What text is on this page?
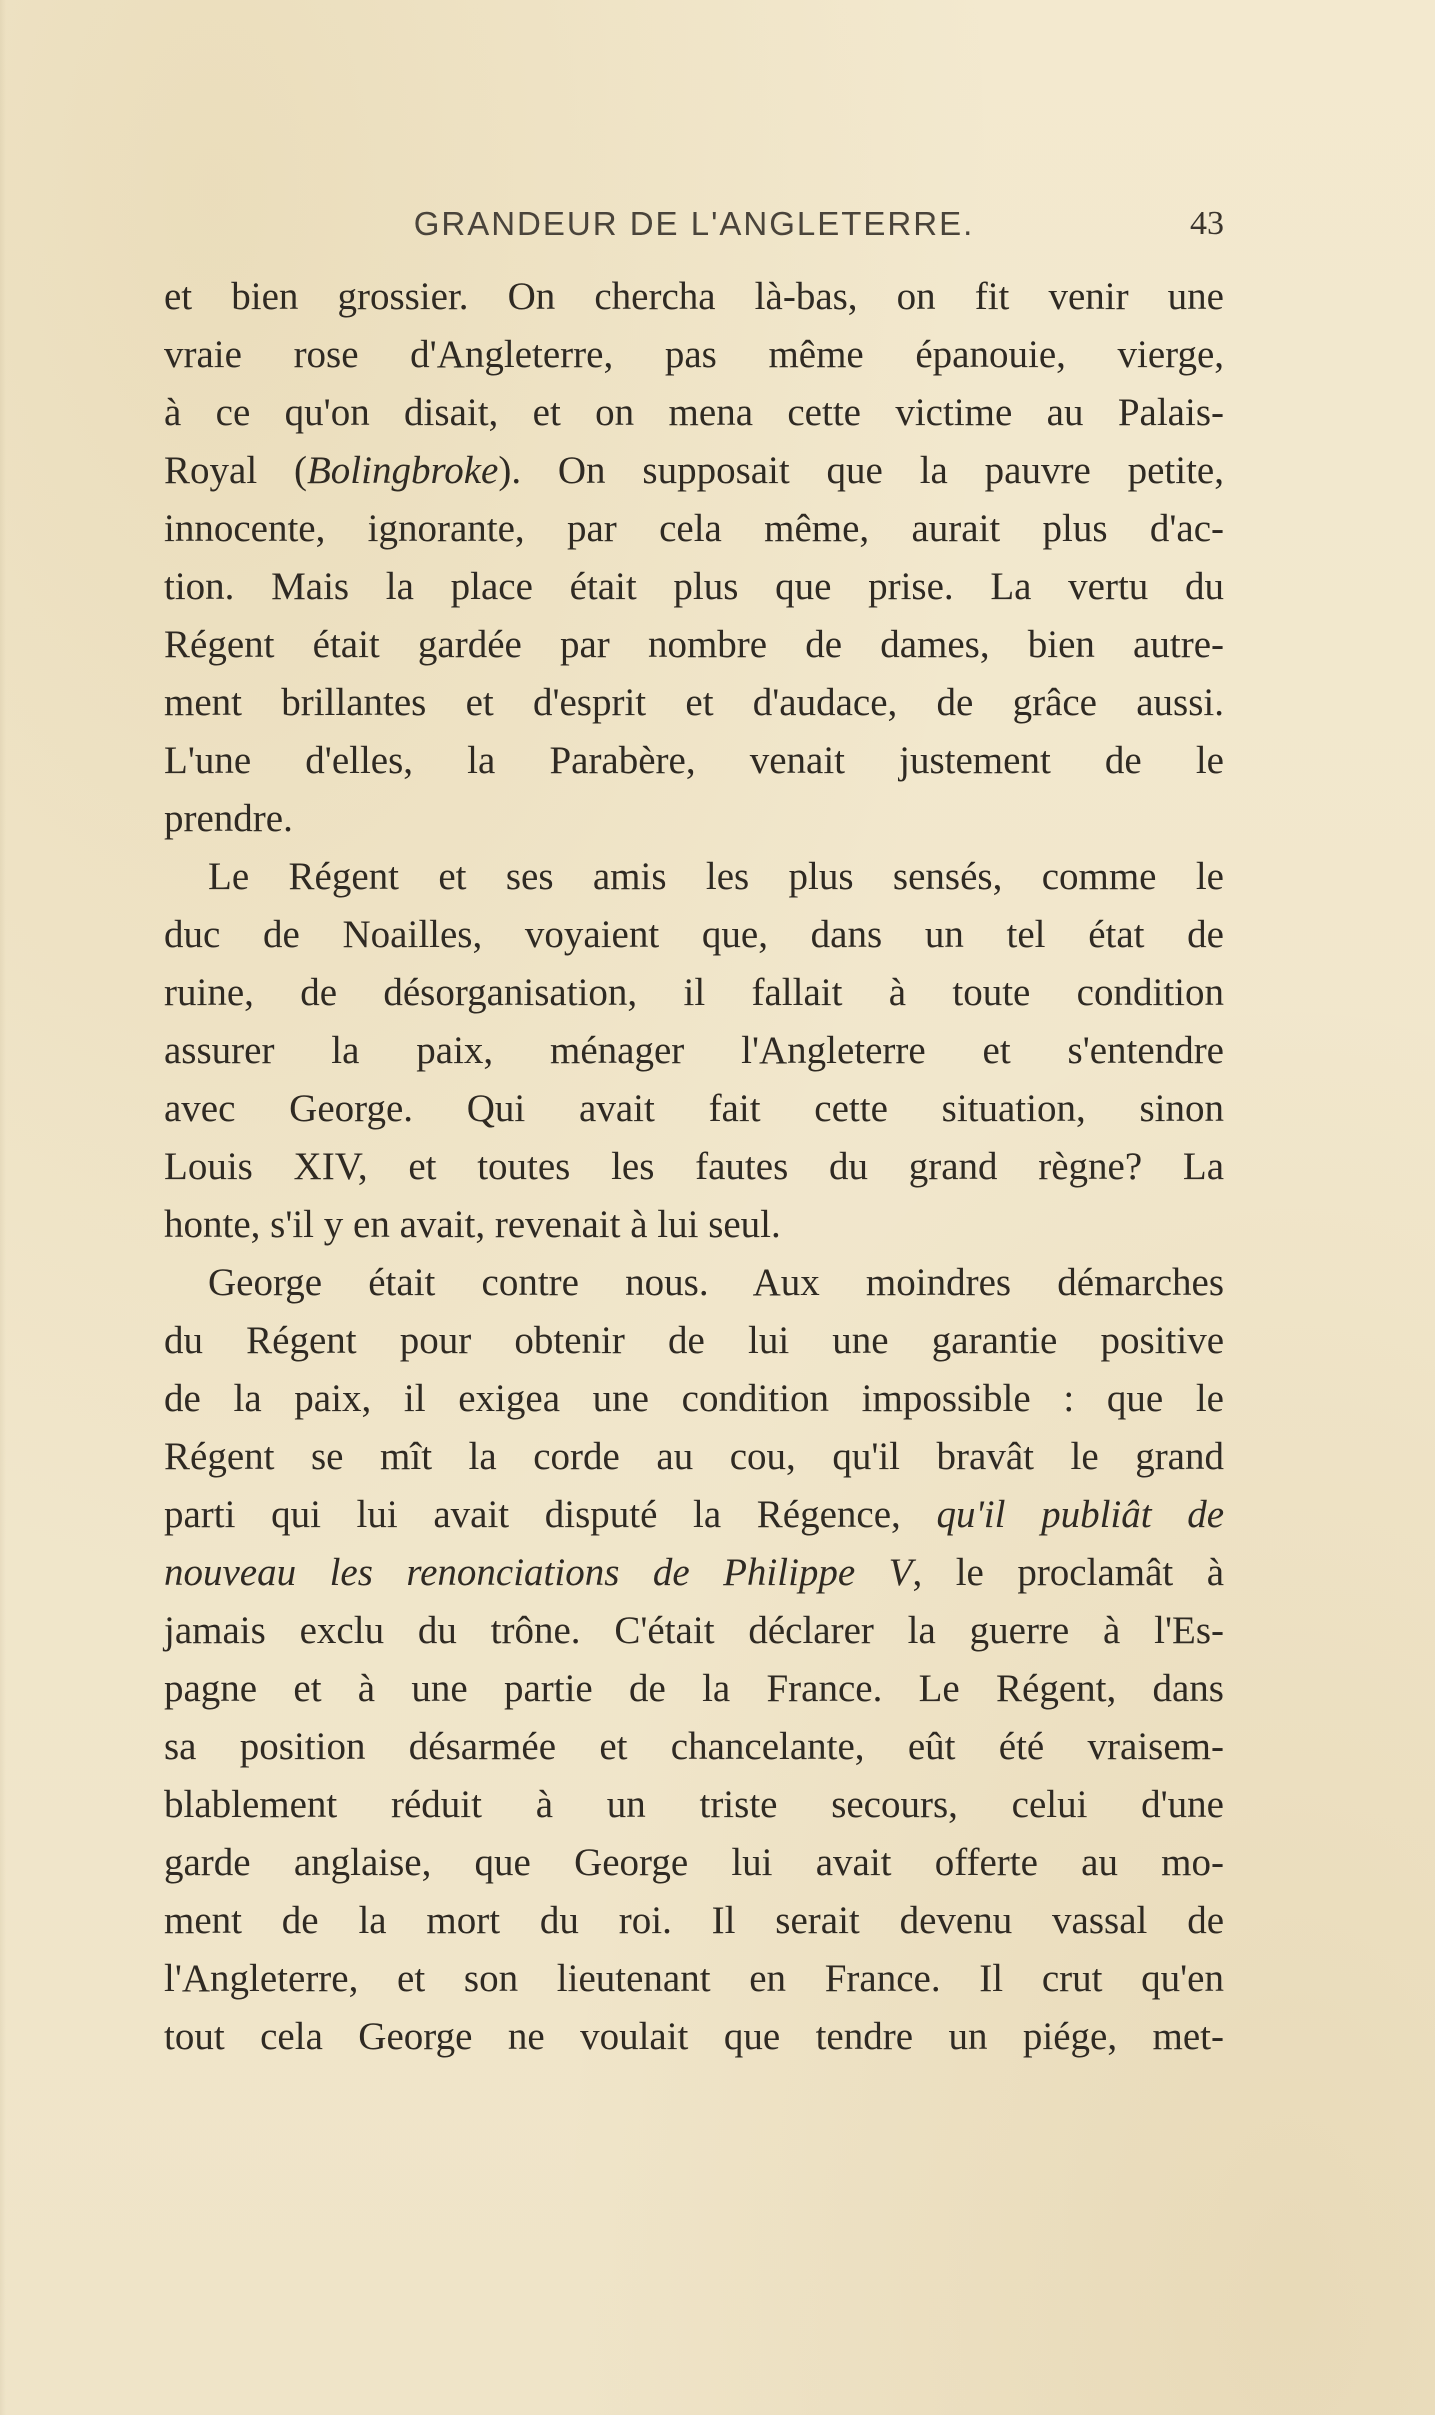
GRANDEUR DE L'ANGLETERRE.	43
et bien grossier. On chercha là-bas, on fit venir une
vraie rose d'Angleterre, pas même épanouie, vierge,
à ce qu'on disait, et on mena cette victime au Palais-
Royal (Bolingbroke). On supposait que la pauvre petite,
innocente, ignorante, par cela même, aurait plus d'ac-
tion. Mais la place était plus que prise. La vertu du
Régent était gardée par nombre de dames, bien autre-
ment brillantes et d'esprit et d'audace, de grâce aussi.
L'une d'elles, la Parabère, venait justement de le
prendre.
Le Régent et ses amis les plus sensés, comme le
duc de Noailles, voyaient que, dans un tel état de
ruine, de désorganisation, il fallait à toute condition
assurer la paix, ménager l'Angleterre et s'entendre
avec George. Qui avait fait cette situation, sinon
Louis XIV, et toutes les fautes du grand règne? La
honte, s'il y en avait, revenait à lui seul.
George était contre nous. Aux moindres démarches
du Régent pour obtenir de lui une garantie positive
de la paix, il exigea une condition impossible : que le
Régent se mît la corde au cou, qu'il bravât le grand
parti qui lui avait disputé la Régence, qu'il publiât de
nouveau les renonciations de Philippe V, le proclamât à
jamais exclu du trône. C'était déclarer la guerre à l'Es-
pagne et à une partie de la France. Le Régent, dans
sa position désarmée et chancelante, eût été vraisem-
blablement réduit à un triste secours, celui d'une
garde anglaise, que George lui avait offerte au mo-
ment de la mort du roi. Il serait devenu vassal de
l'Angleterre, et son lieutenant en France. Il crut qu'en
tout cela George ne voulait que tendre un piége, met-
